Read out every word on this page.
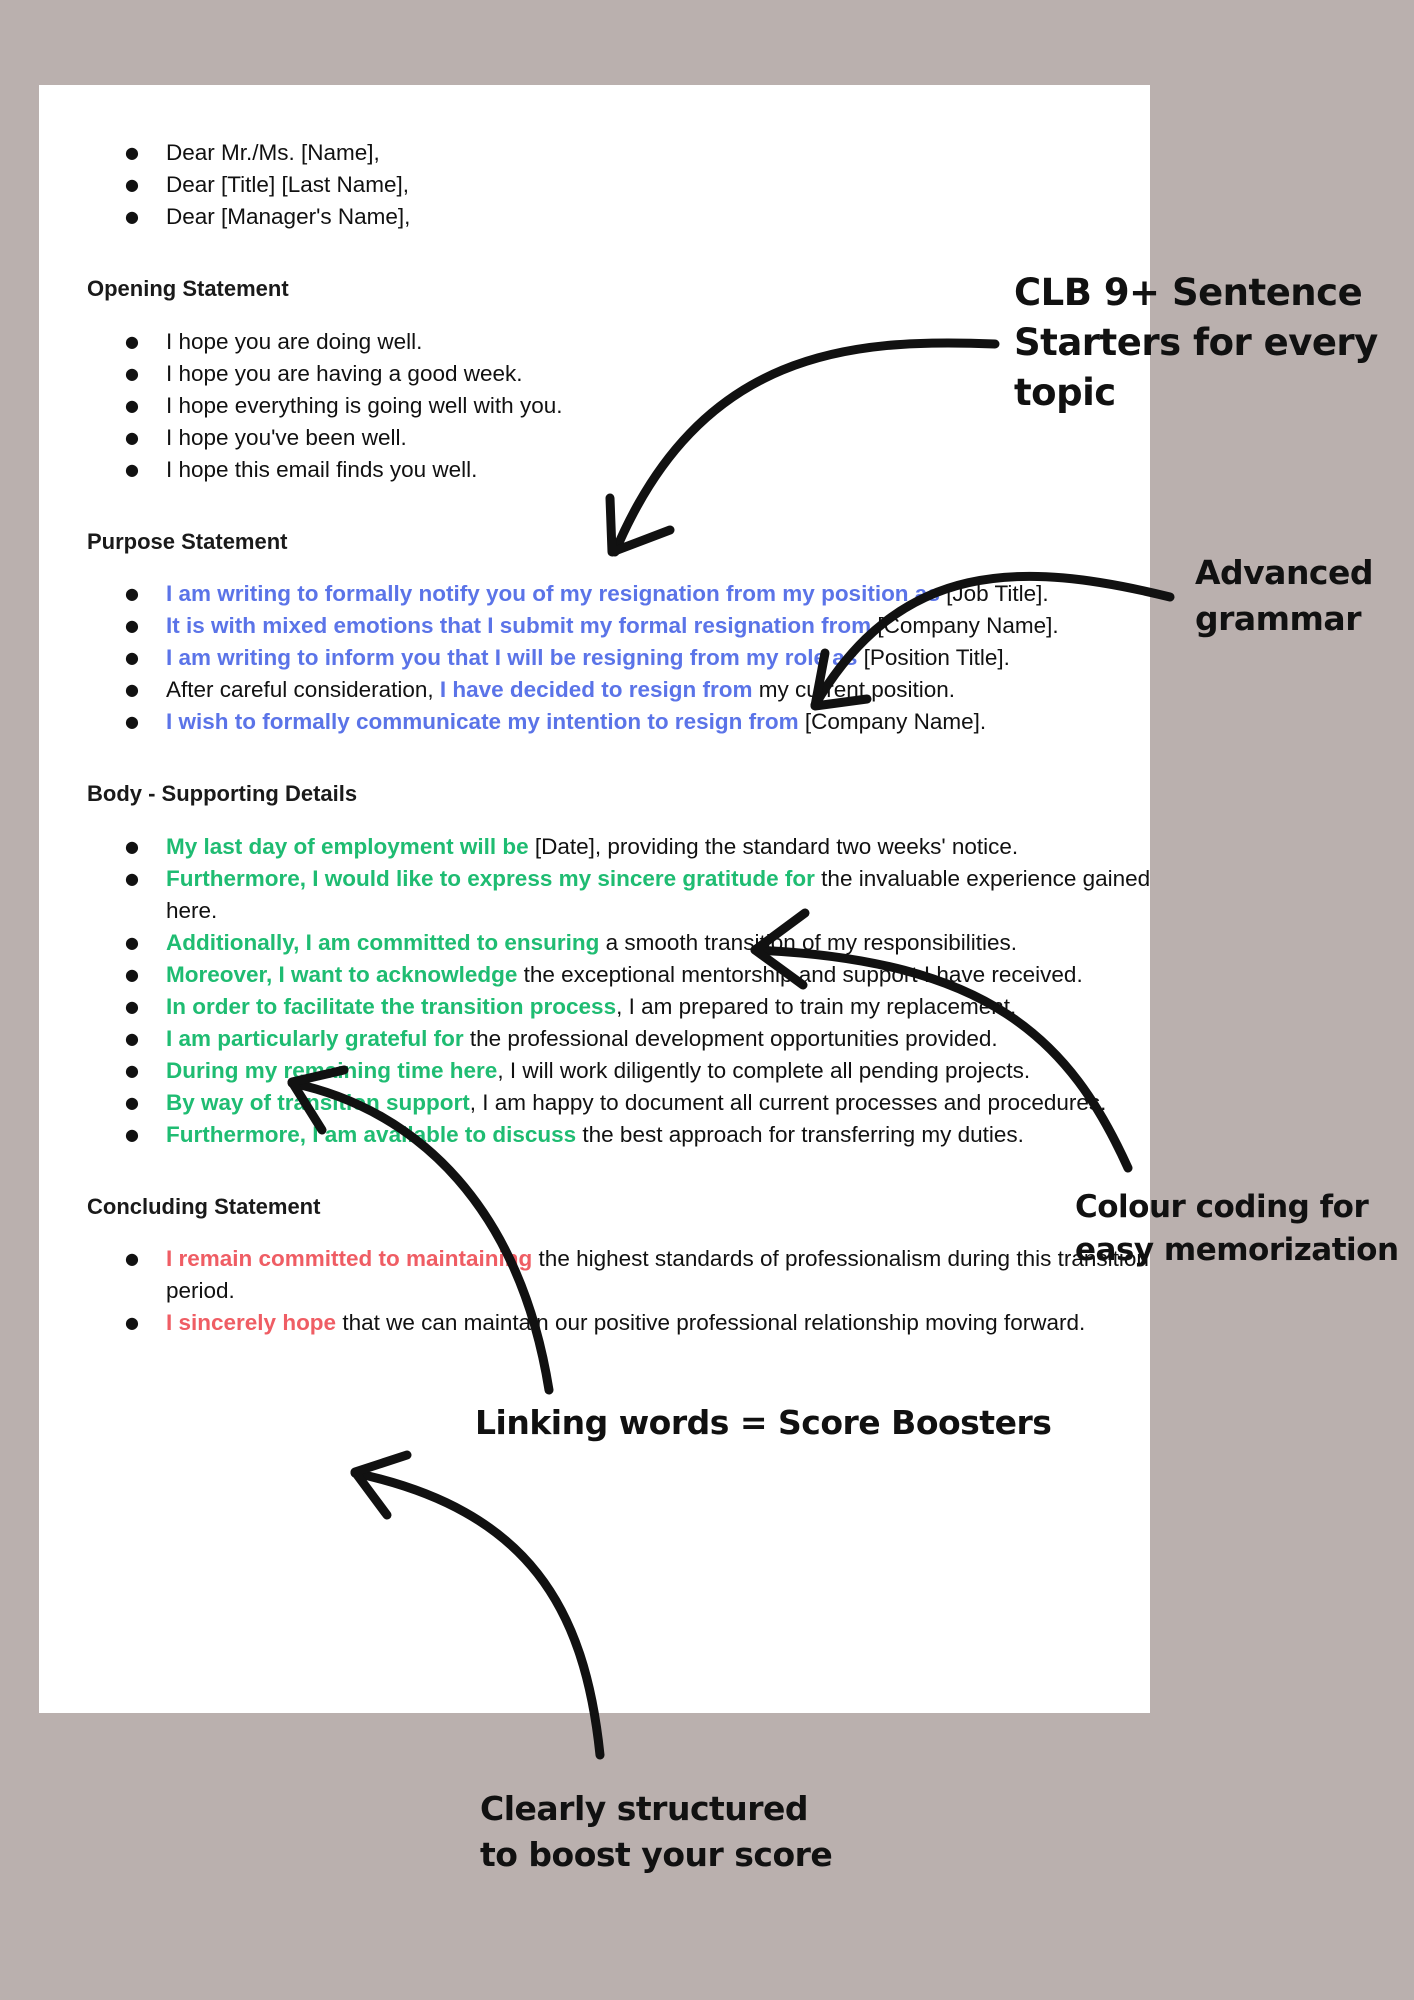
● Dear Mr./Ms. [Name],
● Dear [Title] [Last Name],
● Dear [Manager's Name],

Opening Statement

● I hope you are doing well.
● I hope you are having a good week.
● I hope everything is going well with you.
● I hope you've been well.
● I hope this email finds you well.

Purpose Statement

● I am writing to formally notify you of my resignation from my position as [Job Title].
● It is with mixed emotions that I submit my formal resignation from [Company Name].
● I am writing to inform you that I will be resigning from my role as [Position Title].
● After careful consideration, I have decided to resign from my current position.
● I wish to formally communicate my intention to resign from [Company Name].

Body - Supporting Details

● My last day of employment will be [Date], providing the standard two weeks' notice.
● Furthermore, I would like to express my sincere gratitude for the invaluable experience gained here.
● Additionally, I am committed to ensuring a smooth transition of my responsibilities.
● Moreover, I want to acknowledge the exceptional mentorship and support I have received.
● In order to facilitate the transition process, I am prepared to train my replacement.
● I am particularly grateful for the professional development opportunities provided.
● During my remaining time here, I will work diligently to complete all pending projects.
● By way of transition support, I am happy to document all current processes and procedures.
● Furthermore, I am available to discuss the best approach for transferring my duties.

Concluding Statement

● I remain committed to maintaining the highest standards of professionalism during this transition period.
● I sincerely hope that we can maintain our positive professional relationship moving forward.
CLB 9+ Sentence
Starters for every
topic
Advanced
grammar
Colour coding for
easy memorization
Linking words = Score Boosters
Clearly structured
to boost your score
